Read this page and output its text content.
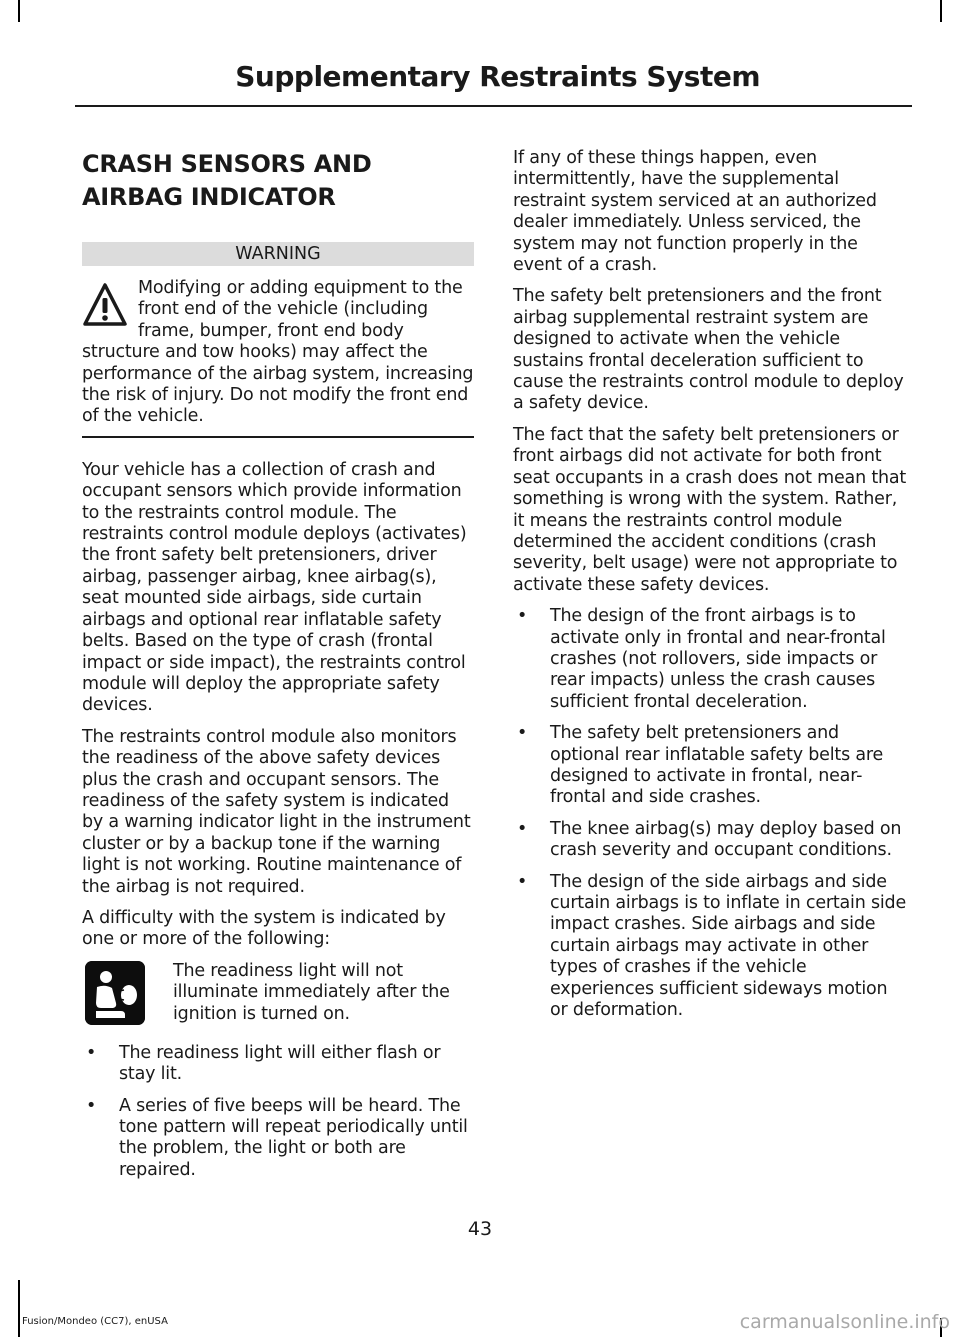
Supplementary Restraints System
CRASH SENSORS AND
AIRBAG INDICATOR
WARNING

Modifying or adding equipment to the front end of the vehicle (including frame, bumper, front end body structure and tow hooks) may affect the performance of the airbag system, increasing the risk of injury. Do not modify the front end of the vehicle.

Your vehicle has a collection of crash and occupant sensors which provide information to the restraints control module. The restraints control module deploys (activates) the front safety belt pretensioners, driver airbag, passenger airbag, knee airbag(s), seat mounted side airbags, side curtain airbags and optional rear inflatable safety belts. Based on the type of crash (frontal impact or side impact), the restraints control module will deploy the appropriate safety devices.

The restraints control module also monitors the readiness of the above safety devices plus the crash and occupant sensors. The readiness of the safety system is indicated by a warning indicator light in the instrument cluster or by a backup tone if the warning light is not working. Routine maintenance of the airbag is not required.

A difficulty with the system is indicated by one or more of the following:

The readiness light will not illuminate immediately after the ignition is turned on.

• The readiness light will either flash or stay lit.
• A series of five beeps will be heard. The tone pattern will repeat periodically until the problem, the light or both are repaired.

If any of these things happen, even intermittently, have the supplemental restraint system serviced at an authorized dealer immediately. Unless serviced, the system may not function properly in the event of a crash.

The safety belt pretensioners and the front airbag supplemental restraint system are designed to activate when the vehicle sustains frontal deceleration sufficient to cause the restraints control module to deploy a safety device.

The fact that the safety belt pretensioners or front airbags did not activate for both front seat occupants in a crash does not mean that something is wrong with the system. Rather, it means the restraints control module determined the accident conditions (crash severity, belt usage) were not appropriate to activate these safety devices.

• The design of the front airbags is to activate only in frontal and near-frontal crashes (not rollovers, side impacts or rear impacts) unless the crash causes sufficient frontal deceleration.
• The safety belt pretensioners and optional rear inflatable safety belts are designed to activate in frontal, near-frontal and side crashes.
• The knee airbag(s) may deploy based on crash severity and occupant conditions.
• The design of the side airbags and side curtain airbags is to inflate in certain side impact crashes. Side airbags and side curtain airbags may activate in other types of crashes if the vehicle experiences sufficient sideways motion or deformation.
43
Fusion/Mondeo (CC7), enUSA	carmanualsonline.info
